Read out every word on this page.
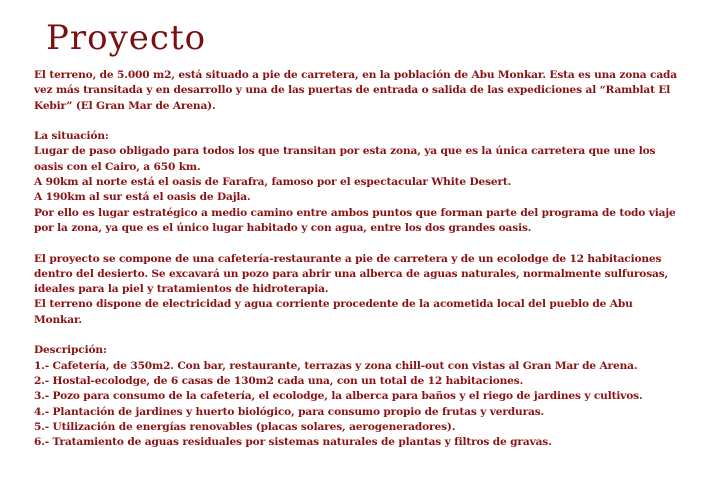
Proyecto

El terreno, de 5.000 m2, está situado a pie de carretera, en la población de Abu Monkar. Esta es una zona cada vez más transitada y en desarrollo y una de las puertas de entrada o salida de las expediciones al “Ramblat El Kebir” (El Gran Mar de Arena).

La situación:

Lugar de paso obligado para todos los que transitan por esta zona, ya que es la única carretera que une los oasis con el Cairo, a 650 km.

A 90km al norte está el oasis de Farafra, famoso por el espectacular White Desert.

A 190km al sur está el oasis de Dajla.

Por ello es lugar estratégico a medio camino entre ambos puntos que forman parte del programa de todo viaje por la zona, ya que es el único lugar habitado y con agua, entre los dos grandes oasis.

El proyecto se compone de una cafetería-restaurante a pie de carretera y de un ecolodge de 12 habitaciones dentro del desierto. Se excavará un pozo para abrir una alberca de aguas naturales, normalmente sulfurosas, ideales para la piel y tratamientos de hidroterapia.

El terreno dispone de electricidad y agua corriente procedente de la acometida local del pueblo de Abu Monkar.

Descripción:

1.- Cafetería, de 350m2. Con bar, restaurante, terrazas y zona chill-out con vistas al Gran Mar de Arena.

2.- Hostal-ecolodge, de 6 casas de 130m2 cada una, con un total de 12 habitaciones.

3.- Pozo para consumo de la cafetería, el ecolodge, la alberca para baños y el riego de jardines y cultivos.

4.- Plantación de jardines y huerto biológico, para consumo propio de frutas y verduras.

5.- Utilización de energías renovables (placas solares, aerogeneradores).

6.- Tratamiento de aguas residuales por sistemas naturales de plantas y filtros de gravas.
